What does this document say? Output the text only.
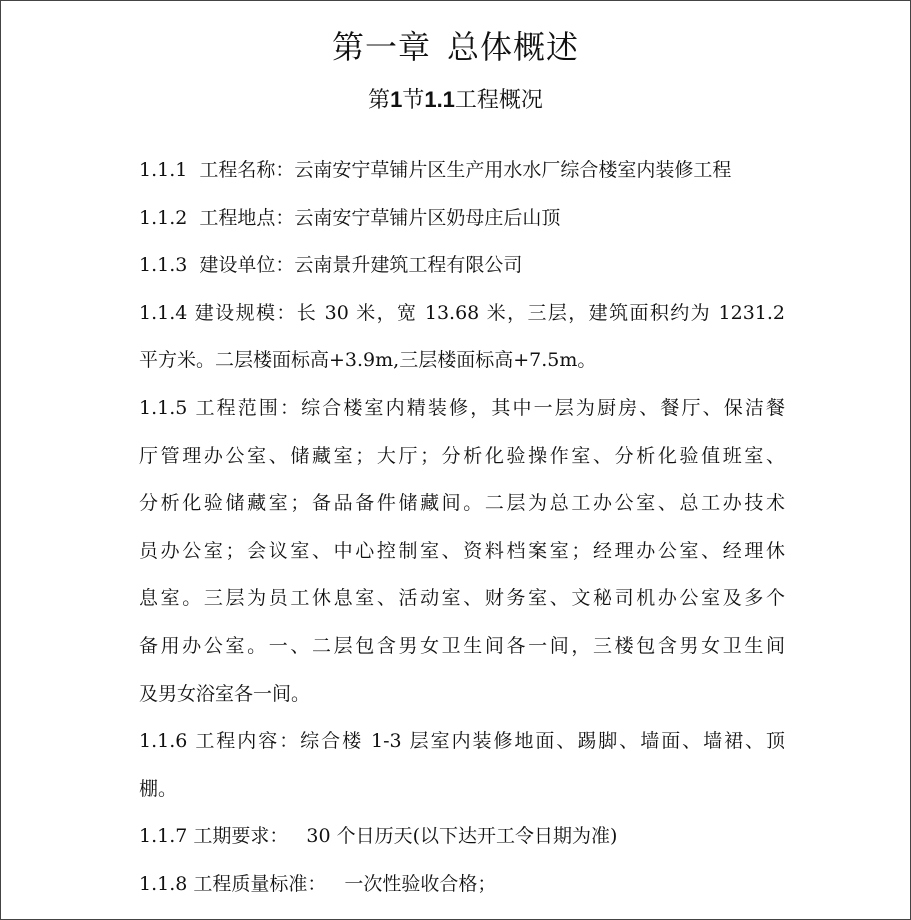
第一章 总体概述
第1节1.1工程概况
1.1.1 工程名称：云南安宁草铺片区生产用水水厂综合楼室内装修工程
1.1.2 工程地点：云南安宁草铺片区奶母庄后山顶
1.1.3 建设单位：云南景升建筑工程有限公司
1.1.4 建设规模：长 30 米，宽 13.68 米，三层，建筑面积约为 1231.2
平方米。二层楼面标高+3.9m,三层楼面标高+7.5m。
1.1.5 工程范围：综合楼室内精装修，其中一层为厨房、餐厅、保洁餐
厅管理办公室、储藏室；大厅；分析化验操作室、分析化验值班室、
分析化验储藏室；备品备件储藏间。二层为总工办公室、总工办技术
员办公室；会议室、中心控制室、资料档案室；经理办公室、经理休
息室。三层为员工休息室、活动室、财务室、文秘司机办公室及多个
备用办公室。一、二层包含男女卫生间各一间，三楼包含男女卫生间
及男女浴室各一间。
1.1.6 工程内容：综合楼 1-3 层室内装修地面、踢脚、墙面、墙裙、顶
棚。
1.1.7 工期要求： 30 个日历天(以下达开工令日期为准)
1.1.8 工程质量标准： 一次性验收合格；
